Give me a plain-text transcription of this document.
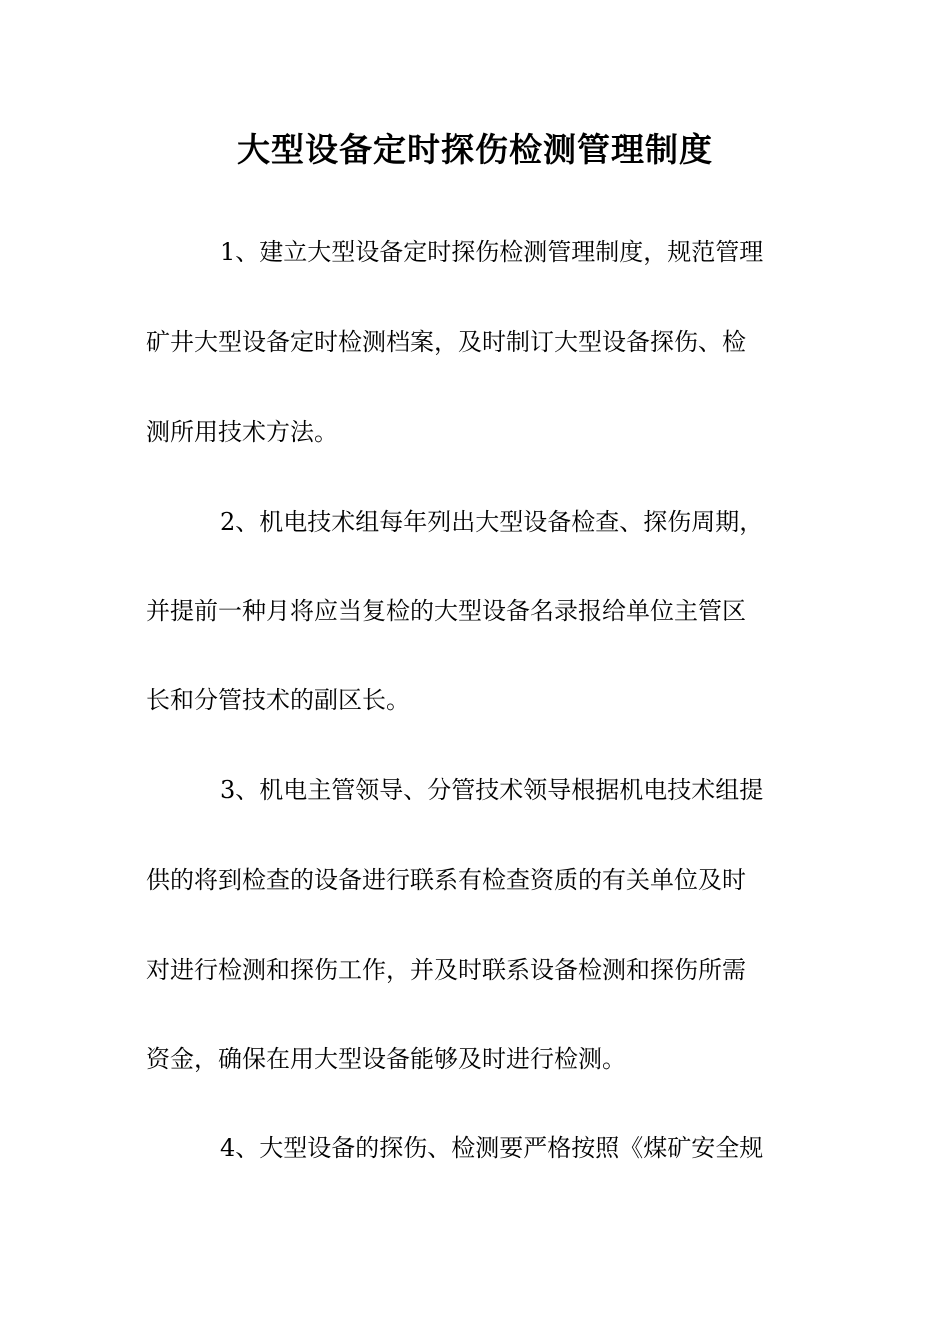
大型设备定时探伤检测管理制度

1、建立大型设备定时探伤检测管理制度，规范管理

矿井大型设备定时检测档案，及时制订大型设备探伤、检

测所用技术方法。

2、机电技术组每年列出大型设备检查、探伤周期，

并提前一种月将应当复检的大型设备名录报给单位主管区

长和分管技术的副区长。

3、机电主管领导、分管技术领导根据机电技术组提

供的将到检查的设备进行联系有检查资质的有关单位及时

对进行检测和探伤工作，并及时联系设备检测和探伤所需

资金，确保在用大型设备能够及时进行检测。

4、大型设备的探伤、检测要严格按照《煤矿安全规
